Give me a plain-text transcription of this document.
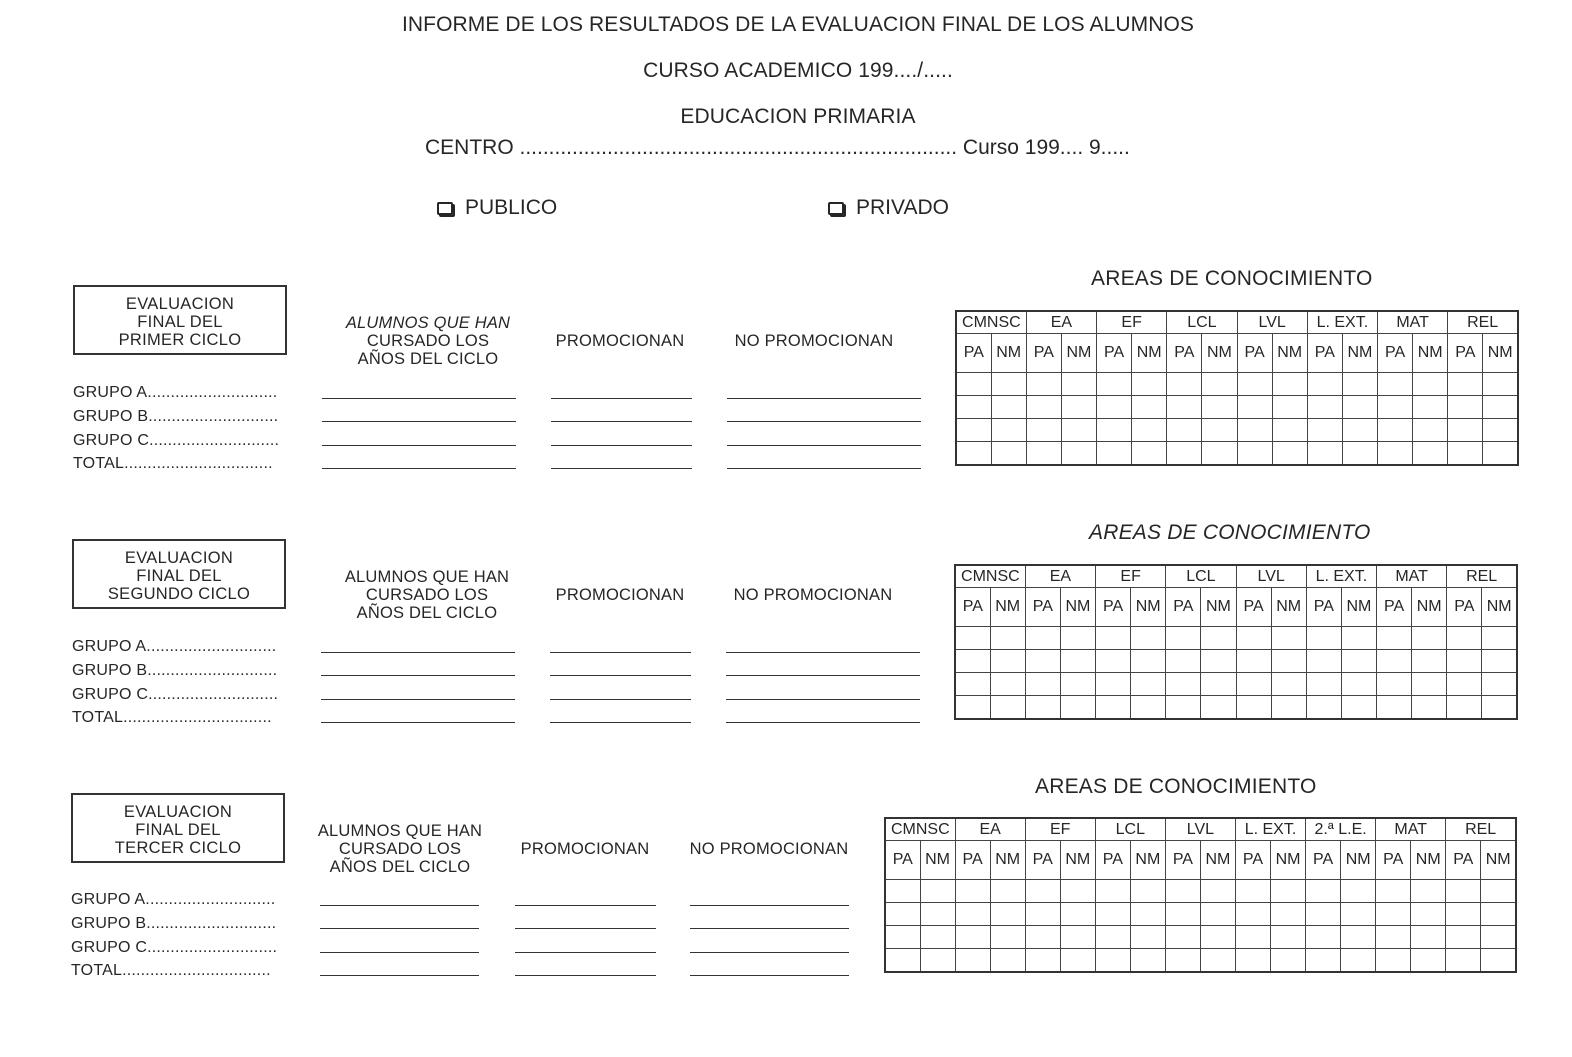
INFORME DE LOS RESULTADOS DE LA EVALUACION FINAL DE LOS ALUMNOS
CURSO ACADEMICO 199..../.....
EDUCACION PRIMARIA
CENTRO ........................................................................... Curso 199.... 9.....
PUBLICO	PRIVADO
EVALUACION
FINAL DEL
PRIMER CICLO
ALUMNOS QUE HAN
CURSADO LOS
AÑOS DEL CICLO
PROMOCIONAN	NO PROMOCIONAN
GRUPO A............................
GRUPO B............................
GRUPO C............................
TOTAL................................
AREAS DE CONOCIMIENTO
CMNSC		EA		EF		LCL		LVL		L. EXT.		MAT		REL	
PA	NM	PA	NM	PA	NM	PA	NM	PA	NM	PA	NM	PA	NM	PA	NM

EVALUACION
FINAL DEL
SEGUNDO CICLO
ALUMNOS QUE HAN
CURSADO LOS
AÑOS DEL CICLO
PROMOCIONAN	NO PROMOCIONAN
GRUPO A............................
GRUPO B............................
GRUPO C............................
TOTAL................................
AREAS DE CONOCIMIENTO
CMNSC		EA		EF		LCL		LVL		L. EXT.		MAT		REL	
PA	NM	PA	NM	PA	NM	PA	NM	PA	NM	PA	NM	PA	NM	PA	NM

EVALUACION
FINAL DEL
TERCER CICLO
ALUMNOS QUE HAN
CURSADO LOS
AÑOS DEL CICLO
PROMOCIONAN	NO PROMOCIONAN
GRUPO A............................
GRUPO B............................
GRUPO C............................
TOTAL................................
AREAS DE CONOCIMIENTO
CMNSC		EA		EF		LCL		LVL		L. EXT.		2.ª L.E.		MAT		REL	
PA	NM	PA	NM	PA	NM	PA	NM	PA	NM	PA	NM	PA	NM	PA	NM	PA	NM
